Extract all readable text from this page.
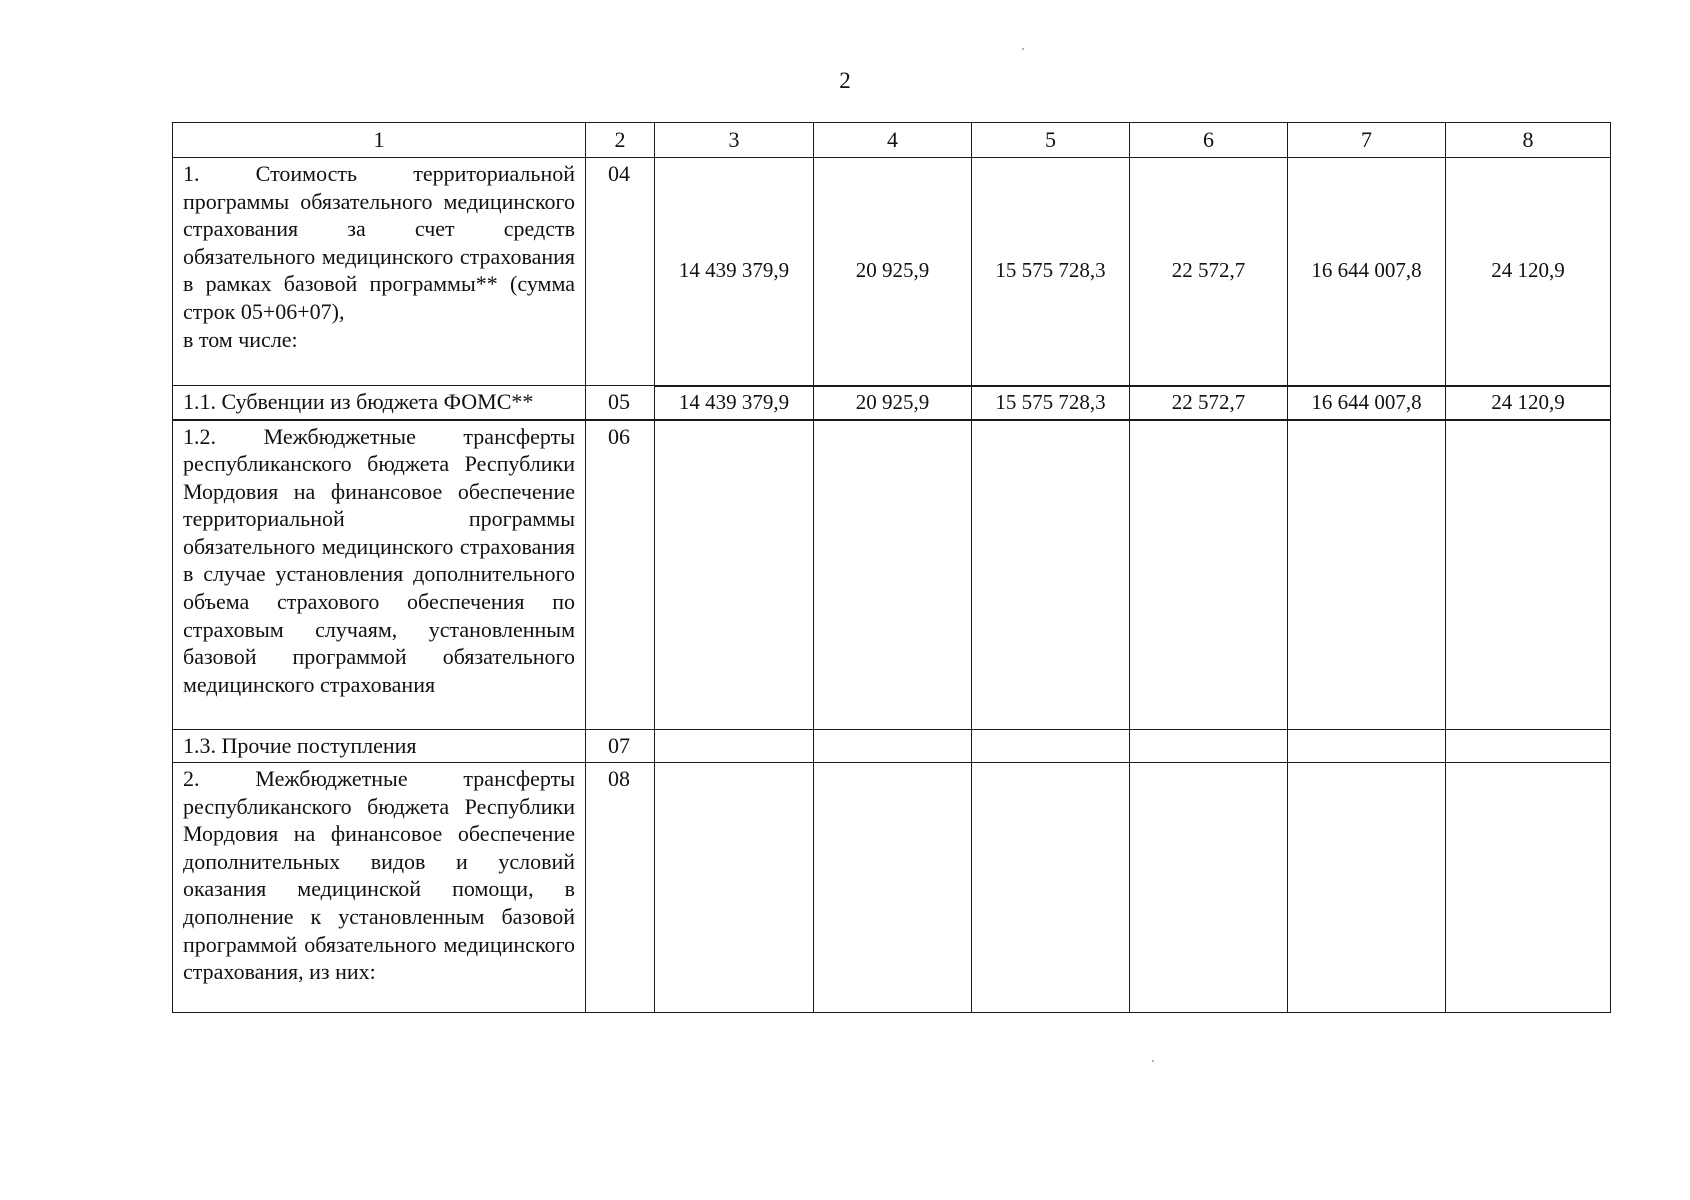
2
1	2	3	4	5	6	7	8

1. Стоимость территориальной программы обязательного медицинского страхования за счет средств обязательного медицинского страхования в рамках базовой программы** (сумма строк 05+06+07),
в том числе:	04	14 439 379,9	20 925,9	15 575 728,3	22 572,7	16 644 007,8	24 120,9
1.1. Субвенции из бюджета ФОМС**	05	14 439 379,9	20 925,9	15 575 728,3	22 572,7	16 644 007,8	24 120,9
1.2. Межбюджетные трансферты республиканского бюджета Республики Мордовия на финансовое обеспечение территориальной программы обязательного медицинского страхования в случае установления дополнительного объема страхового обеспечения по страховым случаям, установленным базовой программой обязательного медицинского страхования	06						
1.3. Прочие поступления	07						
2. Межбюджетные трансферты республиканского бюджета Республики Мордовия на финансовое обеспечение дополнительных видов и условий оказания медицинской помощи, в дополнение к установленным базовой программой обязательного медицинского страхования, из них:	08						
